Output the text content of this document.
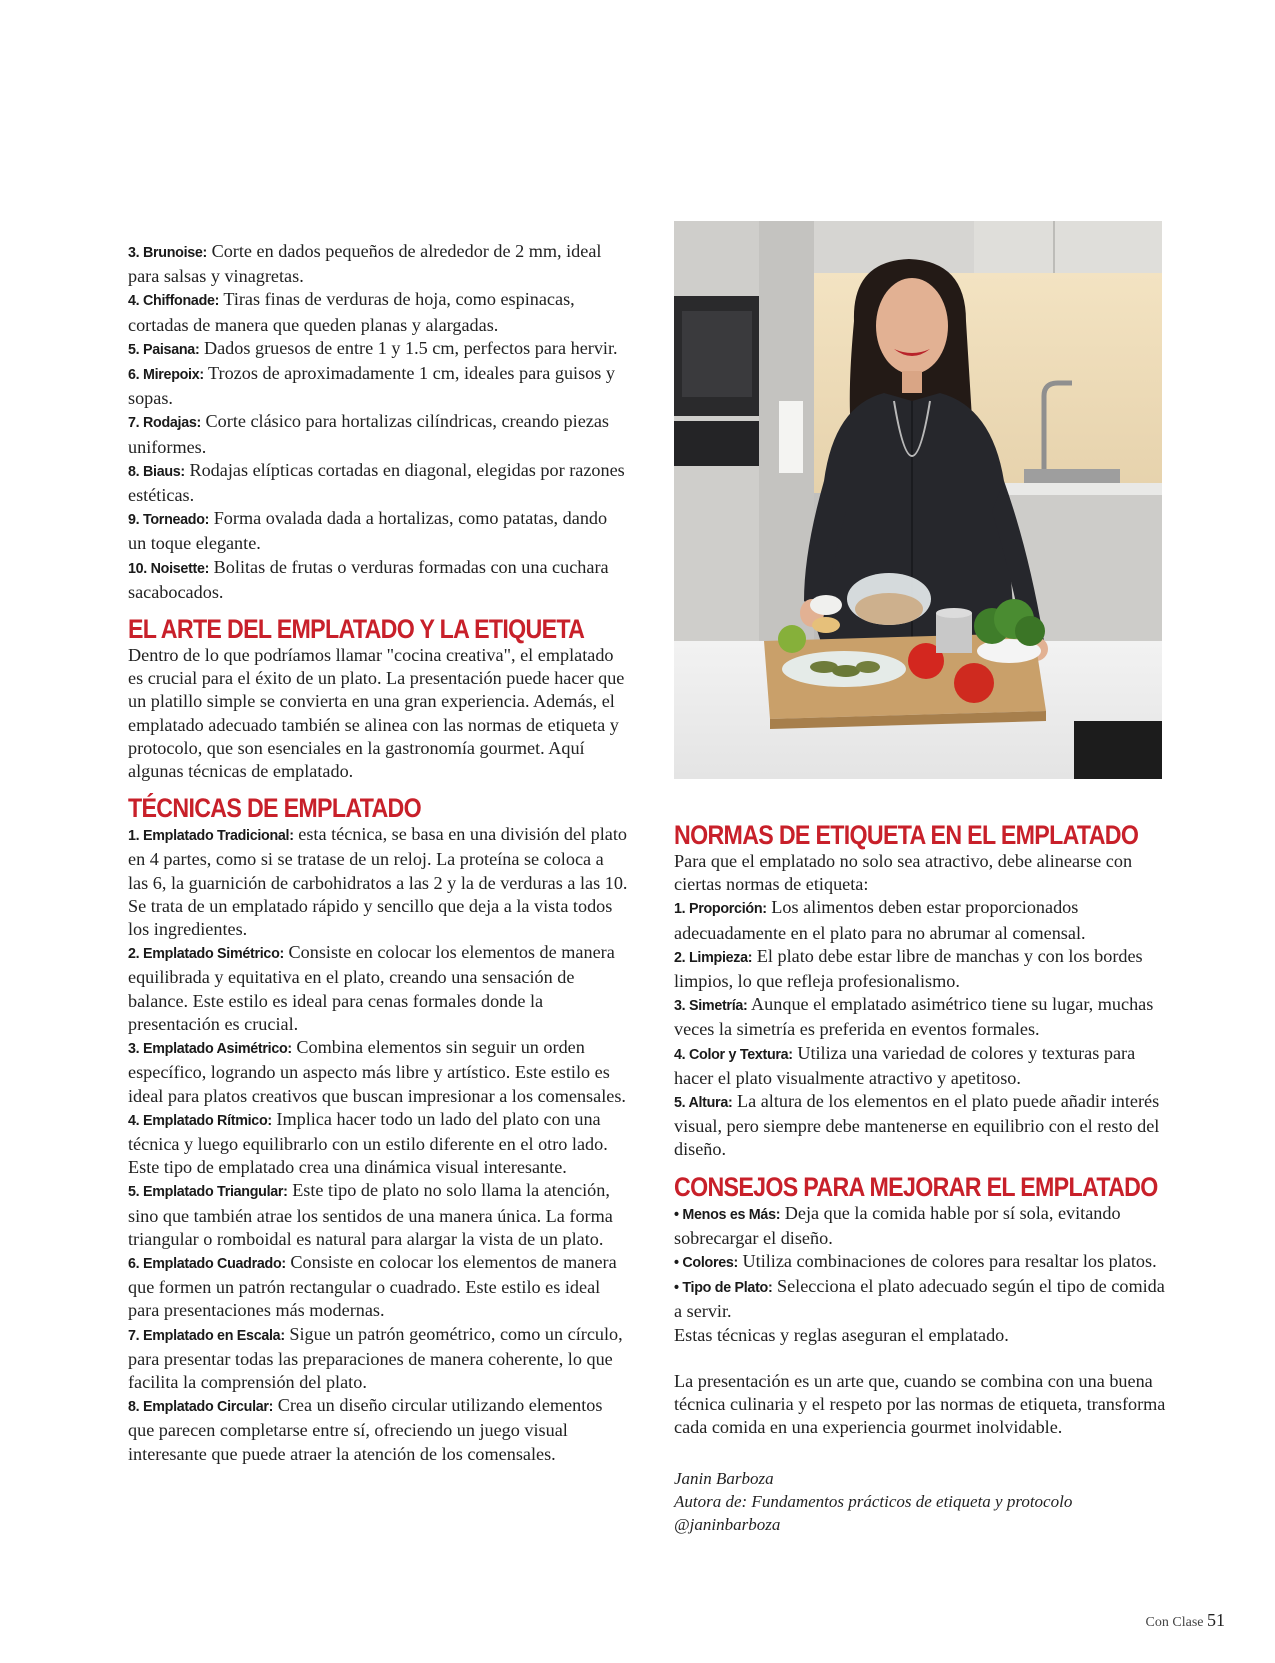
3. Brunoise: Corte en dados pequeños de alrededor de 2 mm, ideal para salsas y vinagretas.

4. Chiffonade: Tiras finas de verduras de hoja, como espinacas, cortadas de manera que queden planas y alargadas.

5. Paisana: Dados gruesos de entre 1 y 1.5 cm, perfectos para hervir.

6. Mirepoix: Trozos de aproximadamente 1 cm, ideales para guisos y sopas.

7. Rodajas: Corte clásico para hortalizas cilíndricas, creando piezas uniformes.

8. Biaus: Rodajas elípticas cortadas en diagonal, elegidas por razones estéticas.

9. Torneado: Forma ovalada dada a hortalizas, como patatas, dando un toque elegante.

10. Noisette: Bolitas de frutas o verduras formadas con una cuchara sacabocados.

EL ARTE DEL EMPLATADO Y LA ETIQUETA

Dentro de lo que podríamos llamar "cocina creativa", el emplatado es crucial para el éxito de un plato. La presentación puede hacer que un platillo simple se convierta en una gran experiencia. Además, el emplatado adecuado también se alinea con las normas de etiqueta y protocolo, que son esenciales en la gastronomía gourmet. Aquí algunas técnicas de emplatado.

TÉCNICAS DE EMPLATADO

1. Emplatado Tradicional: esta técnica, se basa en una división del plato en 4 partes, como si se tratase de un reloj. La proteína se coloca a las 6, la guarnición de carbohidratos a las 2 y la de verduras a las 10. Se trata de un emplatado rápido y sencillo que deja a la vista todos los ingredientes.

2. Emplatado Simétrico: Consiste en colocar los elementos de manera equilibrada y equitativa en el plato, creando una sensación de balance. Este estilo es ideal para cenas formales donde la presentación es crucial.

3. Emplatado Asimétrico: Combina elementos sin seguir un orden específico, logrando un aspecto más libre y artístico. Este estilo es ideal para platos creativos que buscan impresionar a los comensales.

4. Emplatado Rítmico: Implica hacer todo un lado del plato con una técnica y luego equilibrarlo con un estilo diferente en el otro lado. Este tipo de emplatado crea una dinámica visual interesante.

5. Emplatado Triangular: Este tipo de plato no solo llama la atención, sino que también atrae los sentidos de una manera única. La forma triangular o romboidal es natural para alargar la vista de un plato.

6. Emplatado Cuadrado: Consiste en colocar los elementos de manera que formen un patrón rectangular o cuadrado. Este estilo es ideal para presentaciones más modernas.

7. Emplatado en Escala: Sigue un patrón geométrico, como un círculo, para presentar todas las preparaciones de manera coherente, lo que facilita la comprensión del plato.

8. Emplatado Circular: Crea un diseño circular utilizando elementos que parecen completarse entre sí, ofreciendo un juego visual interesante que puede atraer la atención de los comensales.

NORMAS DE ETIQUETA EN EL EMPLATADO

Para que el emplatado no solo sea atractivo, debe alinearse con ciertas normas de etiqueta:

1. Proporción: Los alimentos deben estar proporcionados adecuadamente en el plato para no abrumar al comensal.

2. Limpieza: El plato debe estar libre de manchas y con los bordes limpios, lo que refleja profesionalismo.

3. Simetría: Aunque el emplatado asimétrico tiene su lugar, muchas veces la simetría es preferida en eventos formales.

4. Color y Textura: Utiliza una variedad de colores y texturas para hacer el plato visualmente atractivo y apetitoso.

5. Altura: La altura de los elementos en el plato puede añadir interés visual, pero siempre debe mantenerse en equilibrio con el resto del diseño.

CONSEJOS PARA MEJORAR EL EMPLATADO

• Menos es Más: Deja que la comida hable por sí sola, evitando sobrecargar el diseño.

• Colores: Utiliza combinaciones de colores para resaltar los platos.

• Tipo de Plato: Selecciona el plato adecuado según el tipo de comida a servir.

Estas técnicas y reglas aseguran el emplatado.

La presentación es un arte que, cuando se combina con una buena técnica culinaria y el respeto por las normas de etiqueta, transforma cada comida en una experiencia gourmet inolvidable.

Janin Barboza

Autora de: Fundamentos prácticos de etiqueta y protocolo

@janinbarboza

Con Clase 51
